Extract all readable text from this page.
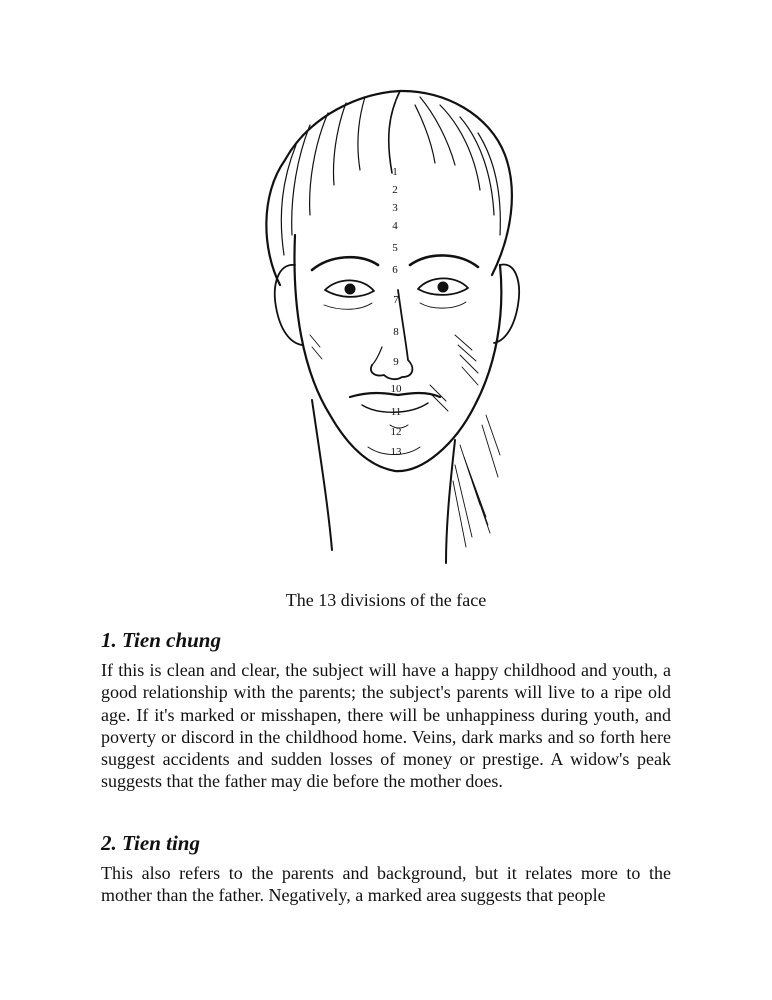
1
2
3
4
5
6
7
8
9
10
11
12
13
The 13 divisions of the face
1. Tien chung

If this is clean and clear, the subject will have a happy childhood and youth, a good relationship with the parents; the subject's parents will live to a ripe old age. If it's marked or misshapen, there will be unhappiness during youth, and poverty or discord in the childhood home. Veins, dark marks and so forth here suggest accidents and sudden losses of money or prestige. A widow's peak suggests that the father may die before the mother does.

2. Tien ting

This also refers to the parents and background, but it relates more to the mother than the father. Negatively, a marked area suggests that people
